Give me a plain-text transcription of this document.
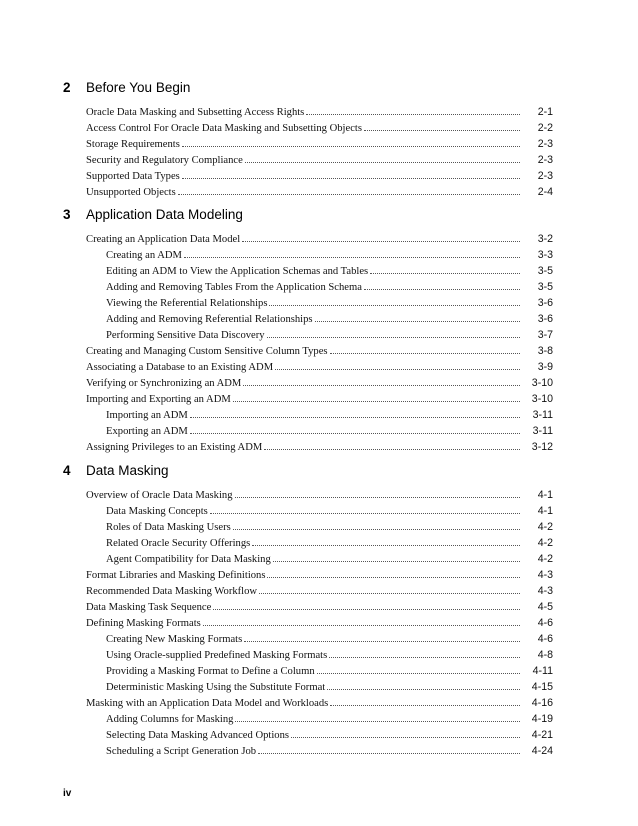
2	Before You Begin
Oracle Data Masking and Subsetting Access Rights	2-1
Access Control For Oracle Data Masking and Subsetting Objects	2-2
Storage Requirements	2-3
Security and Regulatory Compliance	2-3
Supported Data Types	2-3
Unsupported Objects	2-4
3	Application Data Modeling
Creating an Application Data Model	3-2
Creating an ADM	3-3
Editing an ADM to View the Application Schemas and Tables	3-5
Adding and Removing Tables From the Application Schema	3-5
Viewing the Referential Relationships	3-6
Adding and Removing Referential Relationships	3-6
Performing Sensitive Data Discovery	3-7
Creating and Managing Custom Sensitive Column Types	3-8
Associating a Database to an Existing ADM	3-9
Verifying or Synchronizing an ADM	3-10
Importing and Exporting an ADM	3-10
Importing an ADM	3-11
Exporting an ADM	3-11
Assigning Privileges to an Existing ADM	3-12
4	Data Masking
Overview of Oracle Data Masking	4-1
Data Masking Concepts	4-1
Roles of Data Masking Users	4-2
Related Oracle Security Offerings	4-2
Agent Compatibility for Data Masking	4-2
Format Libraries and Masking Definitions	4-3
Recommended Data Masking Workflow	4-3
Data Masking Task Sequence	4-5
Defining Masking Formats	4-6
Creating New Masking Formats	4-6
Using Oracle-supplied Predefined Masking Formats	4-8
Providing a Masking Format to Define a Column	4-11
Deterministic Masking Using the Substitute Format	4-15
Masking with an Application Data Model and Workloads	4-16
Adding Columns for Masking	4-19
Selecting Data Masking Advanced Options	4-21
Scheduling a Script Generation Job	4-24
iv
